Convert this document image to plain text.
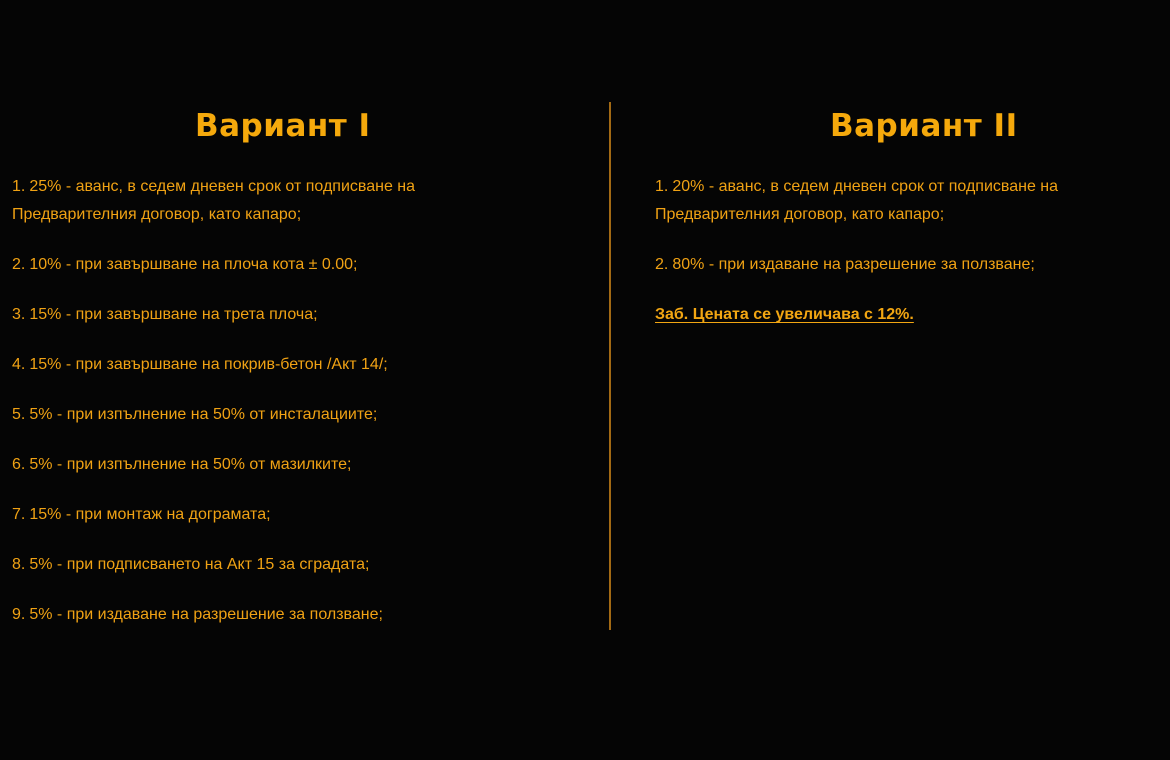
Вариант I
1. 25% - аванс, в седем дневен срок от подписване на
Предварителния договор, като капаро;
2. 10% - при завършване на плоча кота ± 0.00;
3. 15% - при завършване на трета плоча;
4. 15% - при завършване на покрив-бетон /Акт 14/;
5. 5% - при изпълнение на 50% от инсталациите;
6. 5% - при изпълнение на 50% от мазилките;
7. 15% - при монтаж на дограмата;
8. 5% - при подписването на Акт 15 за сградата;
9. 5% - при издаване на разрешение за ползване;
Вариант II
1. 20% - аванс, в седем дневен срок от подписване на
Предварителния договор, като капаро;
2. 80% - при издаване на разрешение за ползване;
Заб. Цената се увеличава с 12%.
